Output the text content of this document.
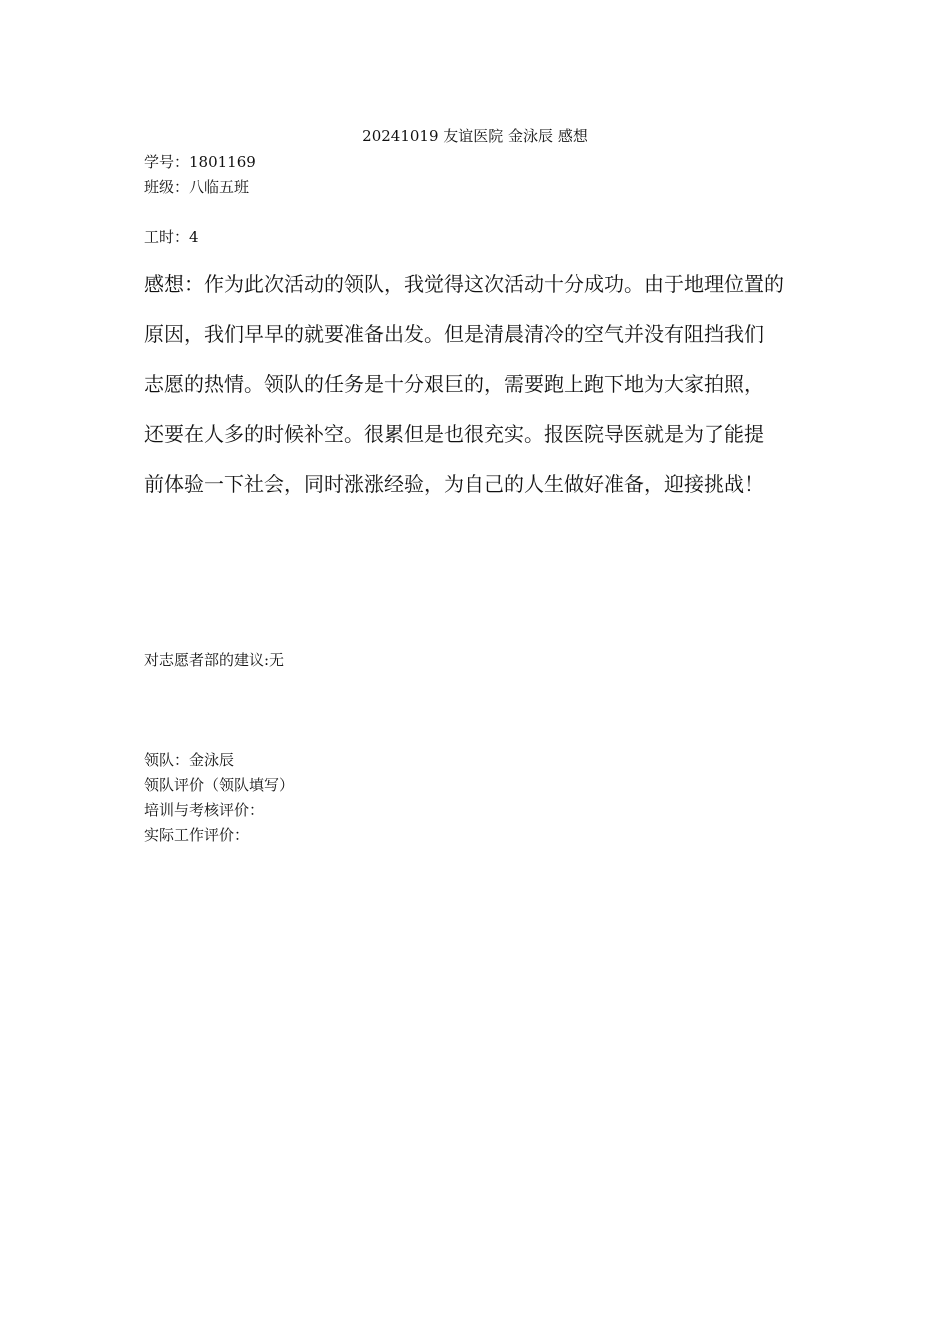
20241019 友谊医院 金泳辰 感想
学号：1801169
班级：八临五班
工时：4
感想：作为此次活动的领队，我觉得这次活动十分成功。由于地理位置的
原因，我们早早的就要准备出发。但是清晨清冷的空气并没有阻挡我们
志愿的热情。领队的任务是十分艰巨的，需要跑上跑下地为大家拍照，
还要在人多的时候补空。很累但是也很充实。报医院导医就是为了能提
前体验一下社会，同时涨涨经验，为自己的人生做好准备，迎接挑战！
对志愿者部的建议:无
领队：金泳辰
领队评价（领队填写）
培训与考核评价：
实际工作评价：
